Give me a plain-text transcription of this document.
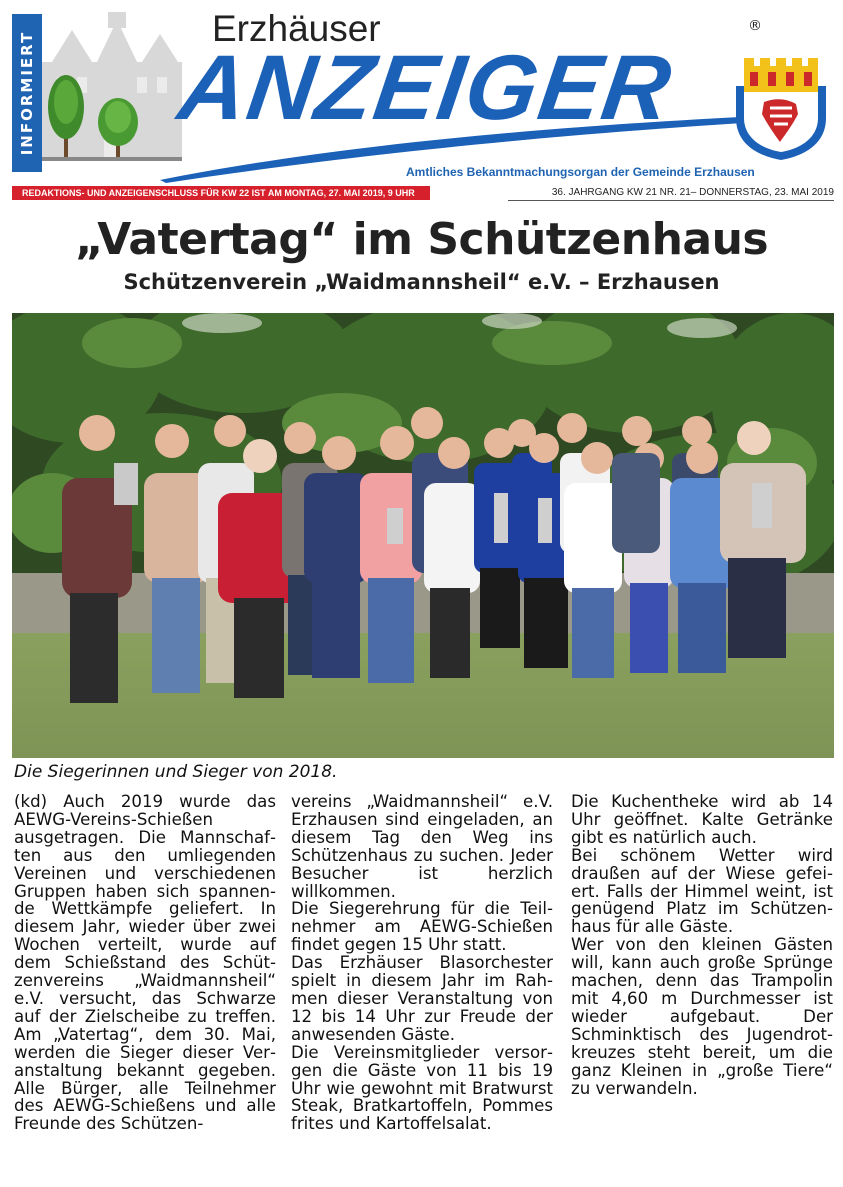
INFORMIERT
Erzhäuser
ANZEIGER
®
Amtliches Bekanntmachungsorgan der Gemeinde Erzhausen
REDAKTIONS- UND ANZEIGENSCHLUSS FÜR KW 22 IST AM MONTAG, 27. MAI 2019, 9 UHR	36. JAHRGANG KW 21 NR. 21– DONNERSTAG, 23. MAI 2019
„Vatertag“ im Schützenhaus
Schützenverein „Waidmannsheil“ e.V. – Erzhausen
Die Siegerinnen und Sieger von 2018.

(kd) Auch 2019 wurde das AEWG-Vereins-Schießen ausgetragen. Die Mannschaften aus den umliegenden Vereinen und verschiedenen Gruppen haben sich spannende Wettkämpfe geliefert. In diesem Jahr, wieder über zwei Wochen verteilt, wurde auf dem Schießstand des Schützenvereins „Waidmannsheil“ e.V. versucht, das Schwarze auf der Zielscheibe zu treffen. Am „Vatertag“, dem 30. Mai, werden die Sieger dieser Veranstaltung bekannt gegeben. Alle Bürger, alle Teilnehmer des AEWG-Schießens und alle Freunde des Schützen-

vereins „Waidmannsheil“ e.V. Erzhausen sind eingeladen, an diesem Tag den Weg ins Schützenhaus zu suchen. Jeder Besucher ist herzlich willkommen.

Die Siegerehrung für die Teilnehmer am AEWG-Schießen findet gegen 15 Uhr statt.

Das Erzhäuser Blasorchester spielt in diesem Jahr im Rahmen dieser Veranstaltung von 12 bis 14 Uhr zur Freude der anwesenden Gäste.

Die Vereinsmitglieder versorgen die Gäste von 11 bis 19 Uhr wie gewohnt mit Bratwurst Steak, Bratkartoffeln, Pommes frites und Kartoffelsalat.

Die Kuchentheke wird ab 14 Uhr geöffnet. Kalte Getränke gibt es natürlich auch.

Bei schönem Wetter wird draußen auf der Wiese gefeiert. Falls der Himmel weint, ist genügend Platz im Schützenhaus für alle Gäste.

Wer von den kleinen Gästen will, kann auch große Sprünge machen, denn das Trampolin mit 4,60 m Durchmesser ist wieder aufgebaut. Der Schminktisch des Jugendrotkreuzes steht bereit, um die ganz Kleinen in „große Tiere“ zu verwandeln.
